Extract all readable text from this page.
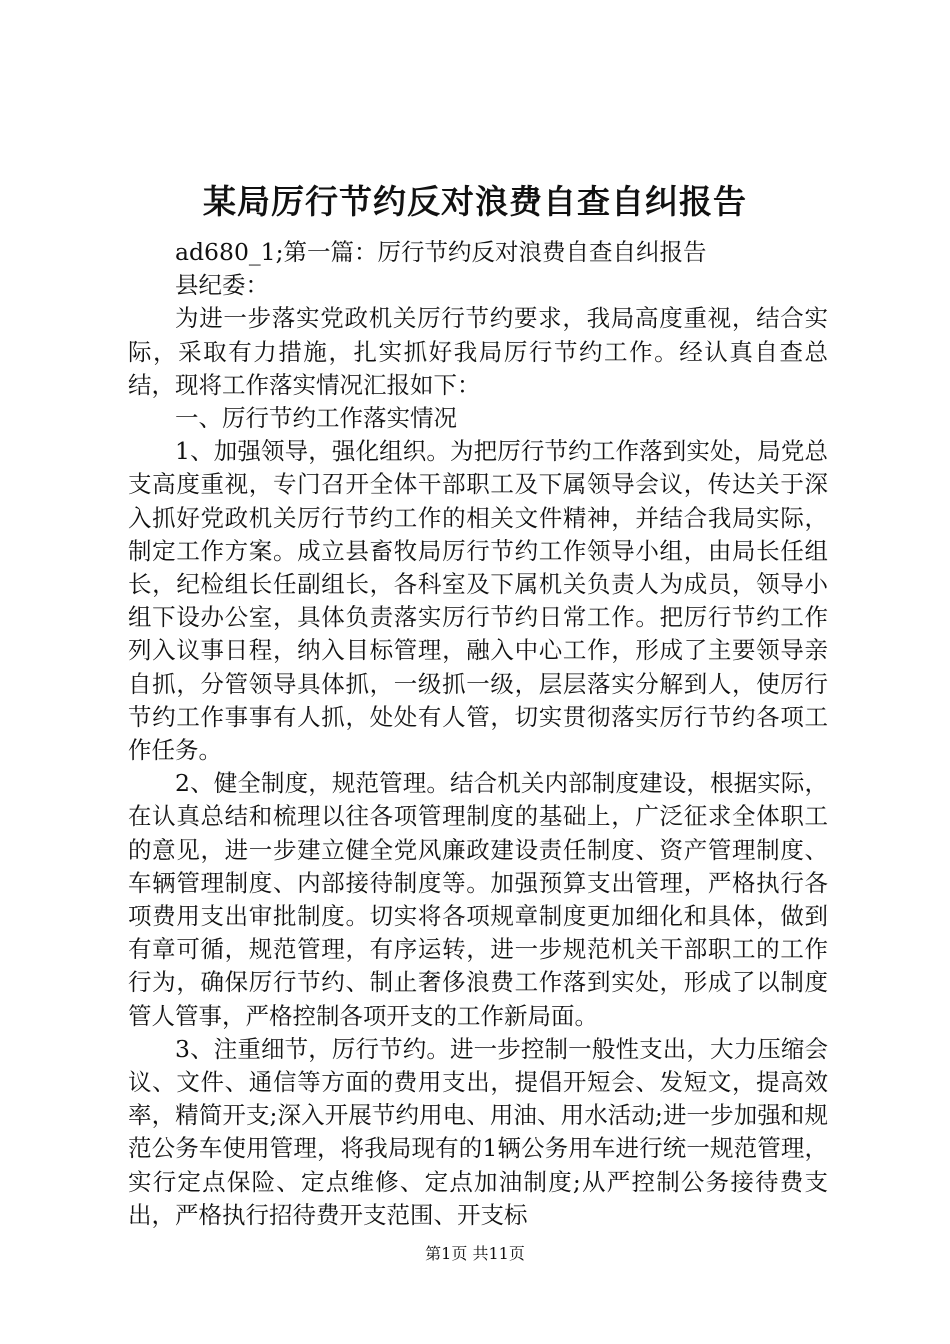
某局厉行节约反对浪费自查自纠报告

ad680_1;第一篇：厉行节约反对浪费自查自纠报告

县纪委：

为进一步落实党政机关厉行节约要求，我局高度重视，结合实际，采取有力措施，扎实抓好我局厉行节约工作。经认真自查总结，现将工作落实情况汇报如下：

一、厉行节约工作落实情况

1、加强领导，强化组织。为把厉行节约工作落到实处，局党总支高度重视，专门召开全体干部职工及下属领导会议，传达关于深入抓好党政机关厉行节约工作的相关文件精神，并结合我局实际，制定工作方案。成立县畜牧局厉行节约工作领导小组，由局长任组长，纪检组长任副组长，各科室及下属机关负责人为成员，领导小组下设办公室，具体负责落实厉行节约日常工作。把厉行节约工作列入议事日程，纳入目标管理，融入中心工作，形成了主要领导亲自抓，分管领导具体抓，一级抓一级，层层落实分解到人，使厉行节约工作事事有人抓，处处有人管，切实贯彻落实厉行节约各项工作任务。

2、健全制度，规范管理。结合机关内部制度建设，根据实际，在认真总结和梳理以往各项管理制度的基础上，广泛征求全体职工的意见，进一步建立健全党风廉政建设责任制度、资产管理制度、车辆管理制度、内部接待制度等。加强预算支出管理，严格执行各项费用支出审批制度。切实将各项规章制度更加细化和具体，做到有章可循，规范管理，有序运转，进一步规范机关干部职工的工作行为，确保厉行节约、制止奢侈浪费工作落到实处，形成了以制度管人管事，严格控制各项开支的工作新局面。

3、注重细节，厉行节约。进一步控制一般性支出，大力压缩会议、文件、通信等方面的费用支出，提倡开短会、发短文，提高效率，精简开支;深入开展节约用电、用油、用水活动;进一步加强和规范公务车使用管理，将我局现有的1辆公务用车进行统一规范管理，实行定点保险、定点维修、定点加油制度;从严控制公务接待费支出，严格执行招待费开支范围、开支标

第1页 共11页
